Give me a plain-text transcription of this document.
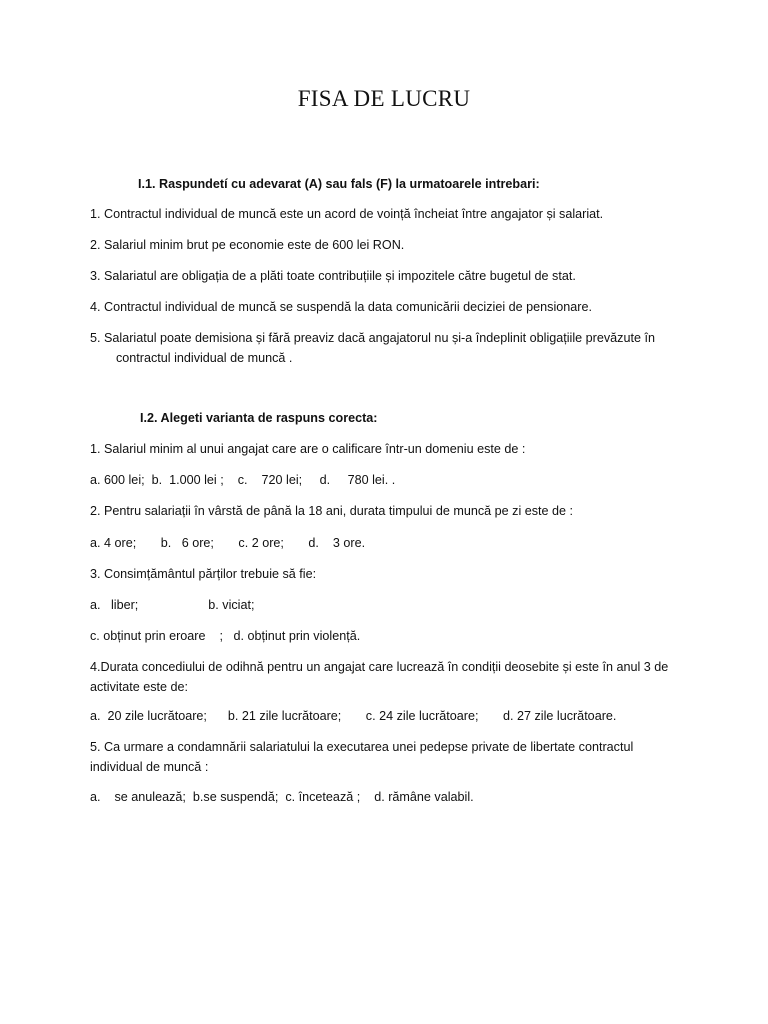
FISA DE LUCRU
I.1. Raspundetí cu adevarat (A) sau fals (F) la urmatoarele intrebari:
1. Contractul individual de muncă este un acord de voință încheiat între angajator și salariat.
2. Salariul minim brut pe economie este de 600 lei RON.
3. Salariatul are obligația de a plăti toate contribuțiile și impozitele către bugetul de stat.
4. Contractul individual de muncă se suspendă la data comunicării deciziei de pensionare.
5. Salariatul poate demisiona și fără preaviz dacă angajatorul nu și-a îndeplinit obligațiile prevăzute în
contractul individual de muncă .
I.2. Alegeti varianta de raspuns corecta:
1. Salariul minim al unui angajat care are o calificare într-un domeniu este de :
a. 600 lei;  b.  1.000 lei ;    c.    720 lei;     d.     780 lei. .
2. Pentru salariații în vârstă de până la 18 ani, durata timpului de muncă pe zi este de :
a. 4 ore;       b.   6 ore;       c. 2 ore;       d.    3 ore.
3. Consimțământul părților trebuie să fie:
a.   liber;                    b. viciat;
c. obținut prin eroare    ;   d. obținut prin violență.
4.Durata concediului de odihnă pentru un angajat care lucrează în condiții deosebite și este în anul 3 de activitate este de:
a.  20 zile lucrătoare;      b. 21 zile lucrătoare;       c. 24 zile lucrătoare;       d. 27 zile lucrătoare.
5. Ca urmare a condamnării salariatului la executarea unei pedepse private de libertate contractul individual de muncă :
a.    se anulează;  b.se suspendă;  c. încetează ;    d. rămâne valabil.
